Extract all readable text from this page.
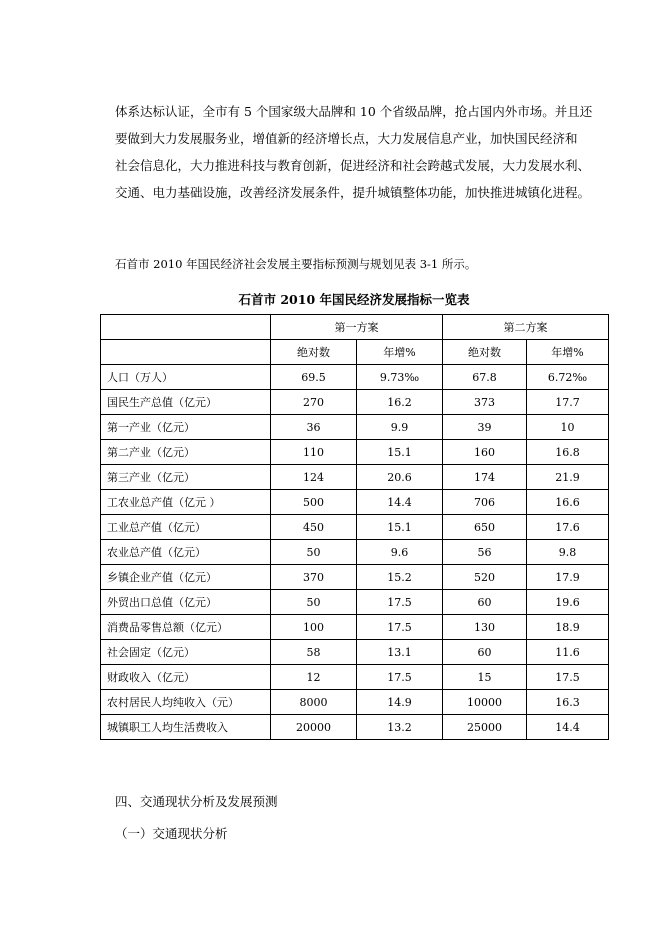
体系达标认证，全市有 5 个国家级大品牌和 10 个省级品牌，抢占国内外市场。并且还
要做到大力发展服务业，增值新的经济增长点，大力发展信息产业，加快国民经济和
社会信息化，大力推进科技与教育创新，促进经济和社会跨越式发展，大力发展水利、
交通、电力基础设施，改善经济发展条件，提升城镇整体功能，加快推进城镇化进程。

石首市 2010 年国民经济社会发展主要指标预测与规划见表 3-1 所示。

石首市 2010 年国民经济发展指标一览表
	第一方案		第二方案	
	绝对数	年增%	绝对数	年增%
人口（万人）	69.5	9.73‰	67.8	6.72‰
国民生产总值（亿元）	270	16.2	373	17.7
第一产业（亿元）	36	9.9	39	10
第二产业（亿元）	110	15.1	160	16.8
第三产业（亿元）	124	20.6	174	21.9
工农业总产值（亿元 ）	500	14.4	706	16.6
工业总产值（亿元）	450	15.1	650	17.6
农业总产值（亿元）	50	9.6	56	9.8
乡镇企业产值（亿元）	370	15.2	520	17.9
外贸出口总值（亿元）	50	17.5	60	19.6
消费品零售总额（亿元）	100	17.5	130	18.9
社会固定（亿元）	58	13.1	60	11.6
财政收入（亿元）	12	17.5	15	17.5
农村居民人均纯收入（元）	8000	14.9	10000	16.3
城镇职工人均生活费收入	20000	13.2	25000	14.4

四、交通现状分析及发展预测

（一）交通现状分析
